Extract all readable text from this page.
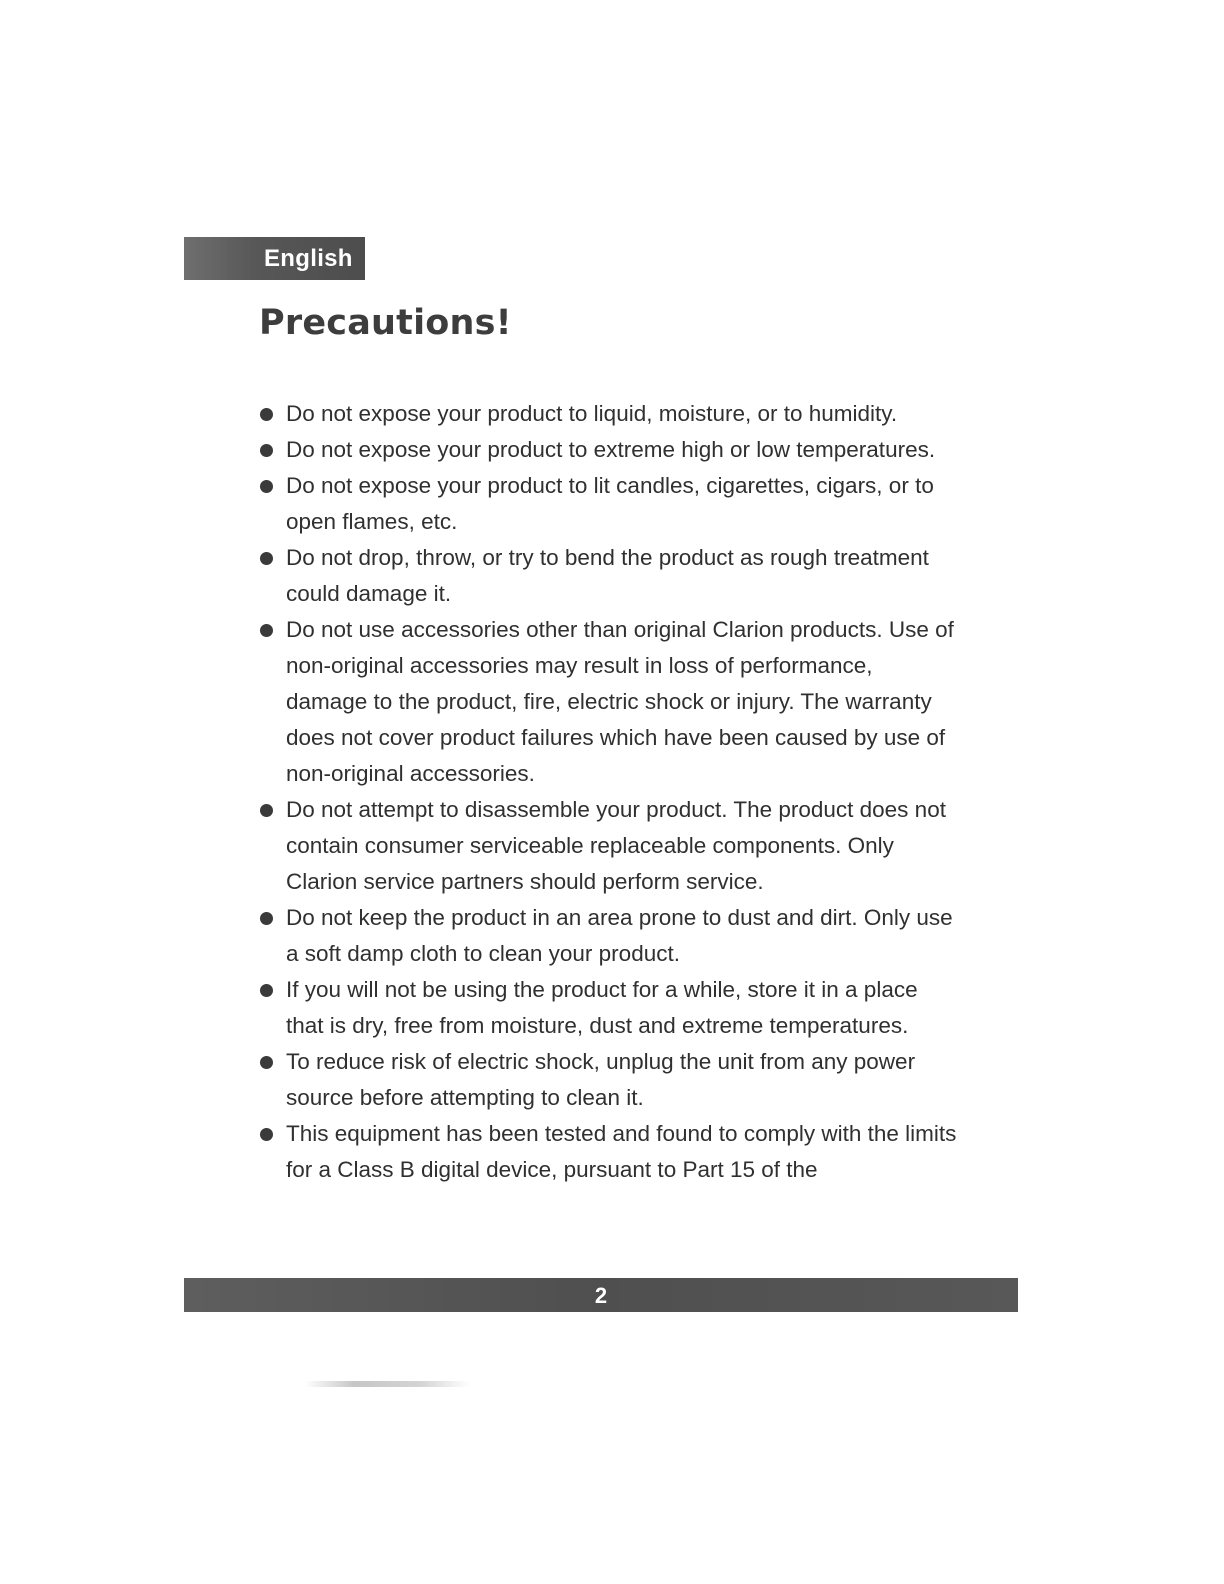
English
Precautions!
Do not expose your product to liquid, moisture, or to humidity.
Do not expose your product to extreme high or low temperatures.
Do not expose your product to lit candles, cigarettes, cigars, or to open flames, etc.
Do not drop, throw, or try to bend the product as rough treatment could damage it.
Do not use accessories other than original Clarion products. Use of non-original accessories may result in loss of performance, damage to the product, fire, electric shock or injury. The warranty does not cover product failures which have been caused by use of non-original accessories.
Do not attempt to disassemble your product. The product does not contain consumer serviceable replaceable components. Only Clarion service partners should perform service.
Do not keep the product in an area prone to dust and dirt. Only use a soft damp cloth to clean your product.
If you will not be using the product for a while, store it in a place that is dry, free from moisture, dust and extreme temperatures.
To reduce risk of electric shock, unplug the unit from any power source before attempting to clean it.
This equipment has been tested and found to comply with the limits for a Class B digital device, pursuant to Part 15 of the
2
